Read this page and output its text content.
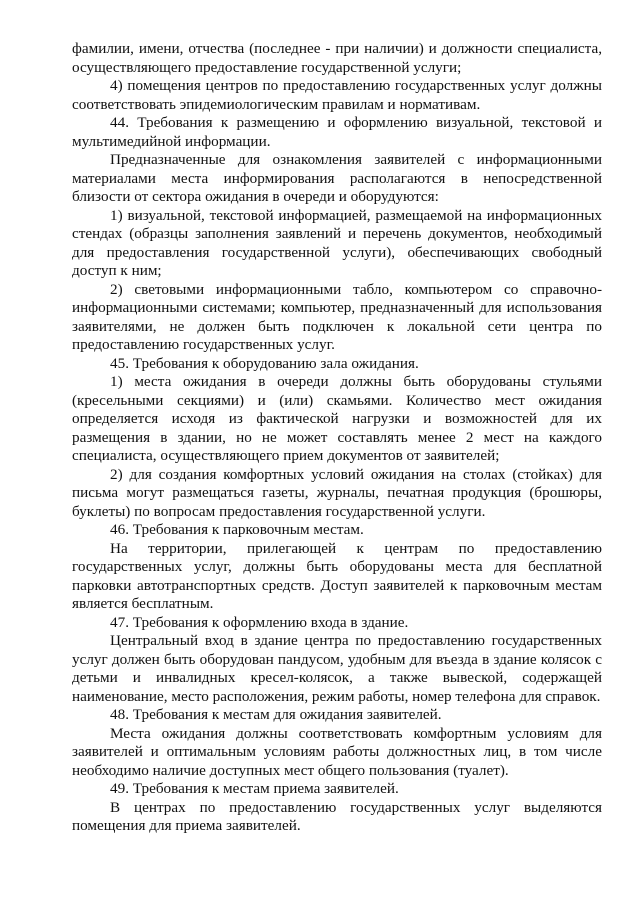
фамилии, имени, отчества (последнее - при наличии) и должности специалиста, осуществляющего предоставление государственной услуги;

4) помещения центров по предоставлению государственных услуг должны соответствовать эпидемиологическим правилам и нормативам.

44. Требования к размещению и оформлению визуальной, текстовой и мультимедийной информации.

Предназначенные для ознакомления заявителей с информационными материалами места информирования располагаются в непосредственной близости от сектора ожидания в очереди и оборудуются:

1) визуальной, текстовой информацией, размещаемой на информационных стендах (образцы заполнения заявлений и перечень документов, необходимый для предоставления государственной услуги), обеспечивающих свободный доступ к ним;

2) световыми информационными табло, компьютером со справочно-информационными системами; компьютер, предназначенный для использования заявителями, не должен быть подключен к локальной сети центра по предоставлению государственных услуг.

45. Требования к оборудованию зала ожидания.

1) места ожидания в очереди должны быть оборудованы стульями (кресельными секциями) и (или) скамьями. Количество мест ожидания определяется исходя из фактической нагрузки и возможностей для их размещения в здании, но не может составлять менее 2 мест на каждого специалиста, осуществляющего прием документов от заявителей;

2) для создания комфортных условий ожидания на столах (стойках) для письма могут размещаться газеты, журналы, печатная продукция (брошюры, буклеты) по вопросам предоставления государственной услуги.

46. Требования к парковочным местам.

На территории, прилегающей к центрам по предоставлению государственных услуг, должны быть оборудованы места для бесплатной парковки автотранспортных средств. Доступ заявителей к парковочным местам является бесплатным.

47. Требования к оформлению входа в здание.

Центральный вход в здание центра по предоставлению государственных услуг должен быть оборудован пандусом, удобным для въезда в здание колясок с детьми и инвалидных кресел-колясок, а также вывеской, содержащей наименование, место расположения, режим работы, номер телефона для справок.

48. Требования к местам для ожидания заявителей.

Места ожидания должны соответствовать комфортным условиям для заявителей и оптимальным условиям работы должностных лиц, в том числе необходимо наличие доступных мест общего пользования (туалет).

49. Требования к местам приема заявителей.

В центрах по предоставлению государственных услуг выделяются помещения для приема заявителей.
